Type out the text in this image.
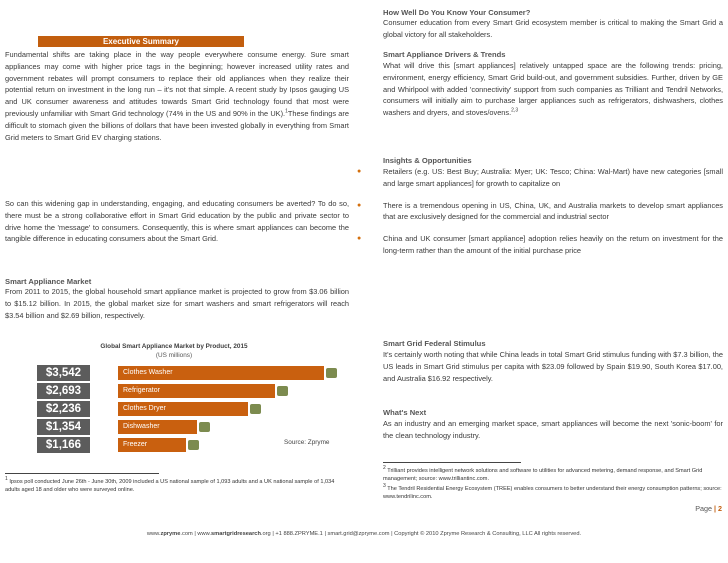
Executive Summary
Fundamental shifts are taking place in the way people everywhere consume energy. Sure smart appliances may come with higher price tags in the beginning; however increased utility rates and government rebates will prompt consumers to replace their old appliances when they realize their potential return on investment in the long run – it's not that simple. A recent study by Ipsos gauging US and UK consumer awareness and attitudes towards Smart Grid technology found that most were previously unfamiliar with Smart Grid technology (74% in the US and 90% in the UK).$^1$These findings are difficult to stomach given the billions of dollars that have been invested globally in everything from Smart Grid meters to Smart Grid EV charging stations.
So can this widening gap in understanding, engaging, and educating consumers be averted? To do so, there must be a strong collaborative effort in Smart Grid education by the public and private sector to drive home the 'message' to consumers. Consequently, this is where smart appliances can become the tangible difference in educating consumers about the Smart Grid.
Smart Appliance Market
From 2011 to 2015, the global household smart appliance market is projected to grow from $3.06 billion to $15.12 billion. In 2015, the global market size for smart washers and smart refrigerators will reach $3.54 billion and $2.69 billion, respectively.
Global Smart Appliance Market by Product, 2015
(US millions)
$3,542	Clothes Washer
$2,693	Refrigerator
$2,236	Clothes Dryer
$1,354	Dishwasher
$1,166	Freezer	Source: Zpryme
$^1$ Ipsos poll conducted June 26th - June 30th, 2009 included a US national sample of 1,093 adults and a UK national sample of 1,034 adults aged 18 and older who were surveyed online.
How Well Do You Know Your Consumer?
Consumer education from every Smart Grid ecosystem member is critical to making the Smart Grid a global victory for all stakeholders.
Smart Appliance Drivers & Trends
What will drive this [smart appliances] relatively untapped space are the following trends: pricing, environment, energy efficiency, Smart Grid build-out, and government subsidies. Further, driven by GE and Whirlpool with added 'connectivity' support from such companies as Trilliant and Tendril Networks, consumers will initially aim to purchase larger appliances such as refrigerators, dishwashers, clothes washers and dryers, and stoves/ovens.$^{2,3}$
Insights & Opportunities
● Retailers (e.g. US: Best Buy; Australia: Myer; UK: Tesco; China: Wal-Mart) have new categories [small and large smart appliances] for growth to capitalize on
● There is a tremendous opening in US, China, UK, and Australia markets to develop smart appliances that are exclusively designed for the commercial and industrial sector
● China and UK consumer [smart appliance] adoption relies heavily on the return on investment for the long-term rather than the amount of the initial purchase price
Smart Grid Federal Stimulus
It's certainly worth noting that while China leads in total Smart Grid stimulus funding with $7.3 billion, the US leads in Smart Grid stimulus per capita with $23.09 followed by Spain $19.90, South Korea $17.00, and Australia $16.92 respectively.
What's Next
As an industry and an emerging market space, smart appliances will become the next 'sonic-boom' for the clean technology industry.
$^2$ Trilliant provides intelligent network solutions and software to utilities for advanced metering, demand response, and Smart Grid management; source: www.trilliantinc.com.
$^3$ The Tendril Residential Energy Ecosystem (TREE) enables consumers to better understand their energy consumption patterns; source: www.tendrilinc.com.
Page | 2
www.zpryme.com | www.smartgridresearch.org | +1 888.ZPRYME.1 | smart.grid@zpryme.com | Copyright © 2010 Zpryme Research & Consulting, LLC All rights reserved.
